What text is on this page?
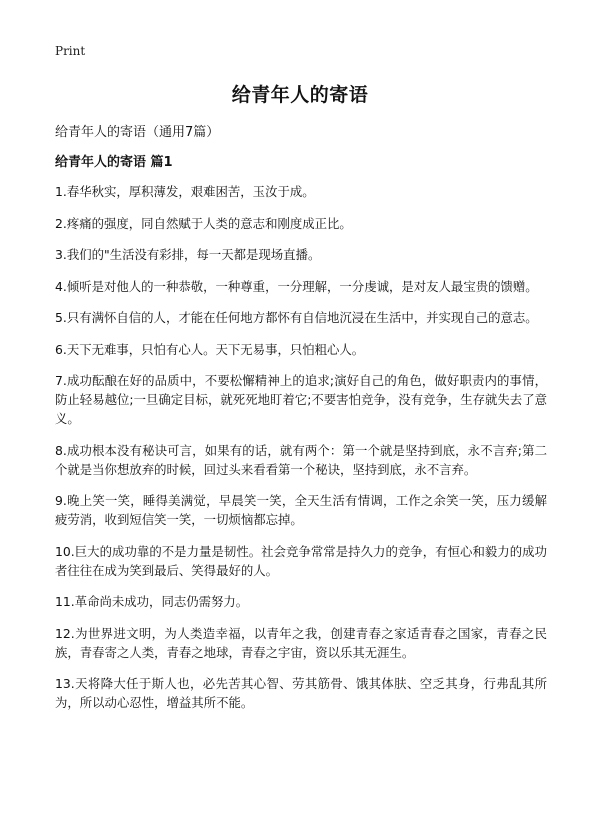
Print
给青年人的寄语

给青年人的寄语（通用7篇）

给青年人的寄语 篇1

1.春华秋实，厚积薄发，艰难困苦，玉汝于成。
2.疼痛的强度，同自然赋于人类的意志和刚度成正比。
3.我们的"生活没有彩排，每一天都是现场直播。
4.倾听是对他人的一种恭敬，一种尊重，一分理解，一分虔诚，是对友人最宝贵的馈赠。
5.只有满怀自信的人，才能在任何地方都怀有自信地沉浸在生活中，并实现自己的意志。
6.天下无难事，只怕有心人。天下无易事，只怕粗心人。
7.成功酝酿在好的品质中，不要松懈精神上的追求;演好自己的角色，做好职责内的事情，防止轻易越位;一旦确定目标，就死死地盯着它;不要害怕竞争，没有竞争，生存就失去了意义。
8.成功根本没有秘诀可言，如果有的话，就有两个：第一个就是坚持到底，永不言弃;第二个就是当你想放弃的时候，回过头来看看第一个秘诀，坚持到底，永不言弃。
9.晚上笑一笑，睡得美满觉，早晨笑一笑，全天生活有情调，工作之余笑一笑，压力缓解疲劳消，收到短信笑一笑，一切烦恼都忘掉。
10.巨大的成功靠的不是力量是韧性。社会竞争常常是持久力的竞争，有恒心和毅力的成功者往往在成为笑到最后、笑得最好的人。
11.革命尚未成功，同志仍需努力。
12.为世界进文明，为人类造幸福，以青年之我，创建青春之家适青春之国家，青春之民族，青春寄之人类，青春之地球，青春之宇宙，资以乐其无涯生。
13.天将降大任于斯人也，必先苦其心智、劳其筋骨、饿其体肤、空乏其身，行弗乱其所为，所以动心忍性，增益其所不能。
